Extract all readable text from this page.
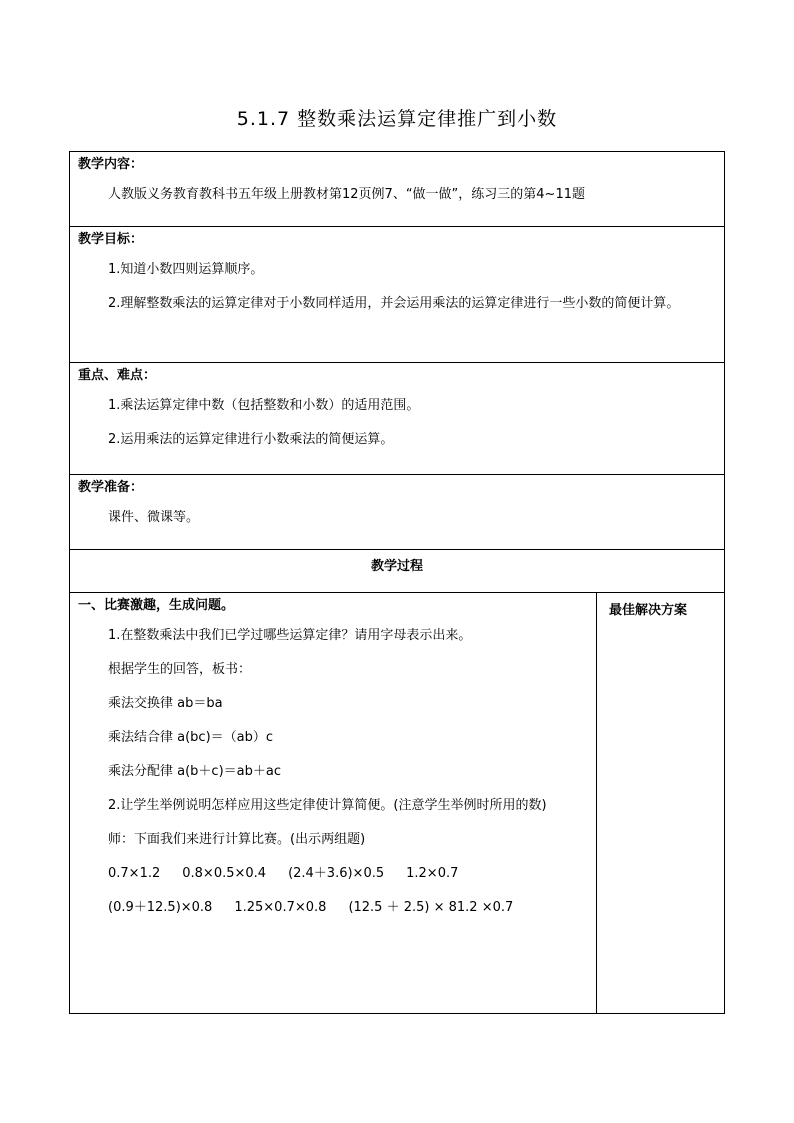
5.1.7 整数乘法运算定律推广到小数
教学内容：
人教版义务教育教科书五年级上册教材第12页例7、“做一做”，练习三的第4~11题

教学目标：
1.知道小数四则运算顺序。
2.理解整数乘法的运算定律对于小数同样适用，并会运用乘法的运算定律进行一些小数的简便计算。

重点、难点：
1.乘法运算定律中数（包括整数和小数）的适用范围。
2.运用乘法的运算定律进行小数乘法的简便运算。

教学准备：
课件、微课等。

教学过程

一、比赛激趣，生成问题。
1.在整数乘法中我们已学过哪些运算定律？请用字母表示出来。
根据学生的回答，板书：
乘法交换律 ab＝ba
乘法结合律 a(bc)＝（ab）c
乘法分配律 a(b＋c)＝ab＋ac
2.让学生举例说明怎样应用这些定律使计算简便。(注意学生举例时所用的数)
师：下面我们来进行计算比赛。(出示两组题)
0.7×1.2 0.8×0.5×0.4 (2.4＋3.6)×0.5 1.2×0.7
(0.9＋12.5)×0.8 1.25×0.7×0.8 (12.5 ＋ 2.5) × 81.2 ×0.7

最佳解决方案
